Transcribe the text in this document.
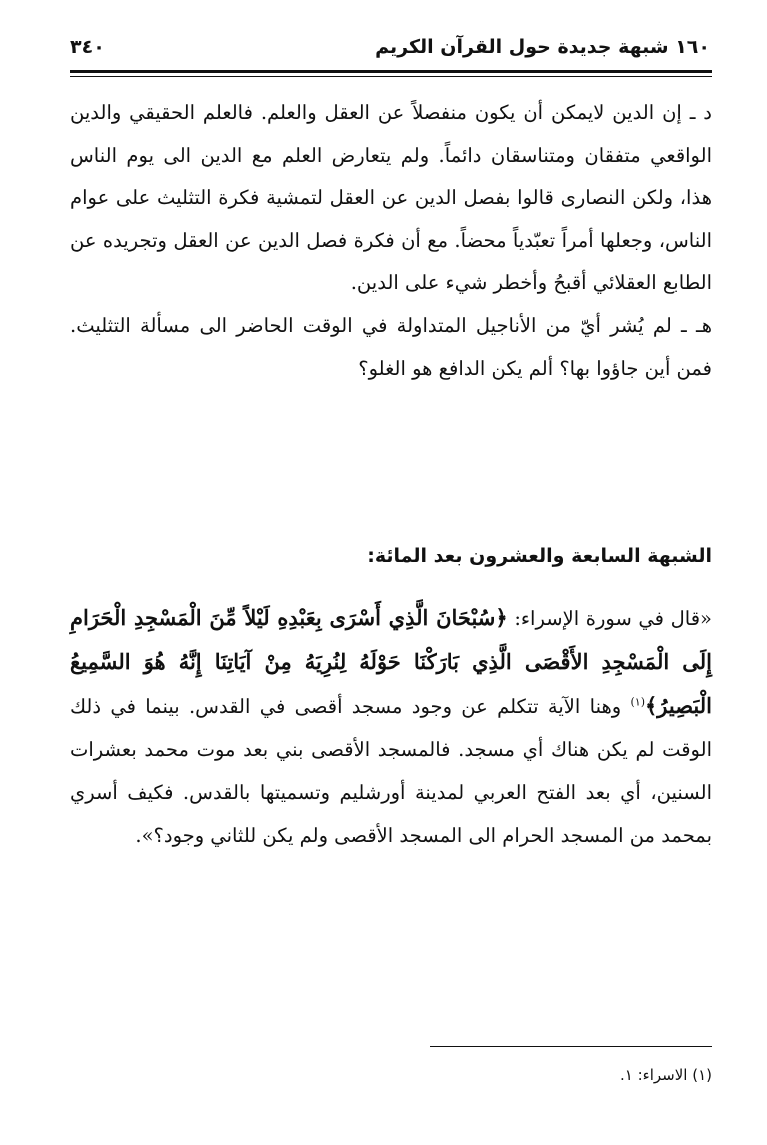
١٦٠ شبهة جديدة حول القرآن الكريم
٣٤٠

د ـ إن الدين لايمكن أن يكون منفصلاً عن العقل والعلم. فالعلم الحقيقي والدين الواقعي متفقان ومتناسقان دائماً. ولم يتعارض العلم مع الدين الى يوم الناس هذا، ولكن النصارى قالوا بفصل الدين عن العقل لتمشية فكرة التثليث على عوام الناس، وجعلها أمراً تعبّدياً محضاً. مع أن فكرة فصل الدين عن العقل وتجريده عن الطابع العقلائي أقبحُ وأخطر شيء على الدين.

هـ ـ لم يُشر أيّ من الأناجيل المتداولة في الوقت الحاضر الى مسألة التثليث. فمن أين جاؤوا بها؟ ألم يكن الدافع هو الغلو؟

الشبهة السابعة والعشرون بعد المائة:
«قال في سورة الإسراء: ﴿سُبْحَانَ الَّذِي أَسْرَى بِعَبْدِهِ لَيْلاً مِّنَ الْمَسْجِدِ الْحَرَامِ إِلَى الْمَسْجِدِ الأَقْصَى الَّذِي بَارَكْنَا حَوْلَهُ لِنُرِيَهُ مِنْ آيَاتِنَا إِنَّهُ هُوَ السَّمِيعُ الْبَصِيرُ﴾$^{(١)}$ وهنا الآية تتكلم عن وجود مسجد أقصى في القدس. بينما في ذلك الوقت لم يكن هناك أي مسجد. فالمسجد الأقصى بني بعد موت محمد بعشرات السنين، أي بعد الفتح العربي لمدينة أورشليم وتسميتها بالقدس. فكيف أسري بمحمد من المسجد الحرام الى المسجد الأقصى ولم يكن للثاني وجود؟».
(١) الاسراء: ١.
